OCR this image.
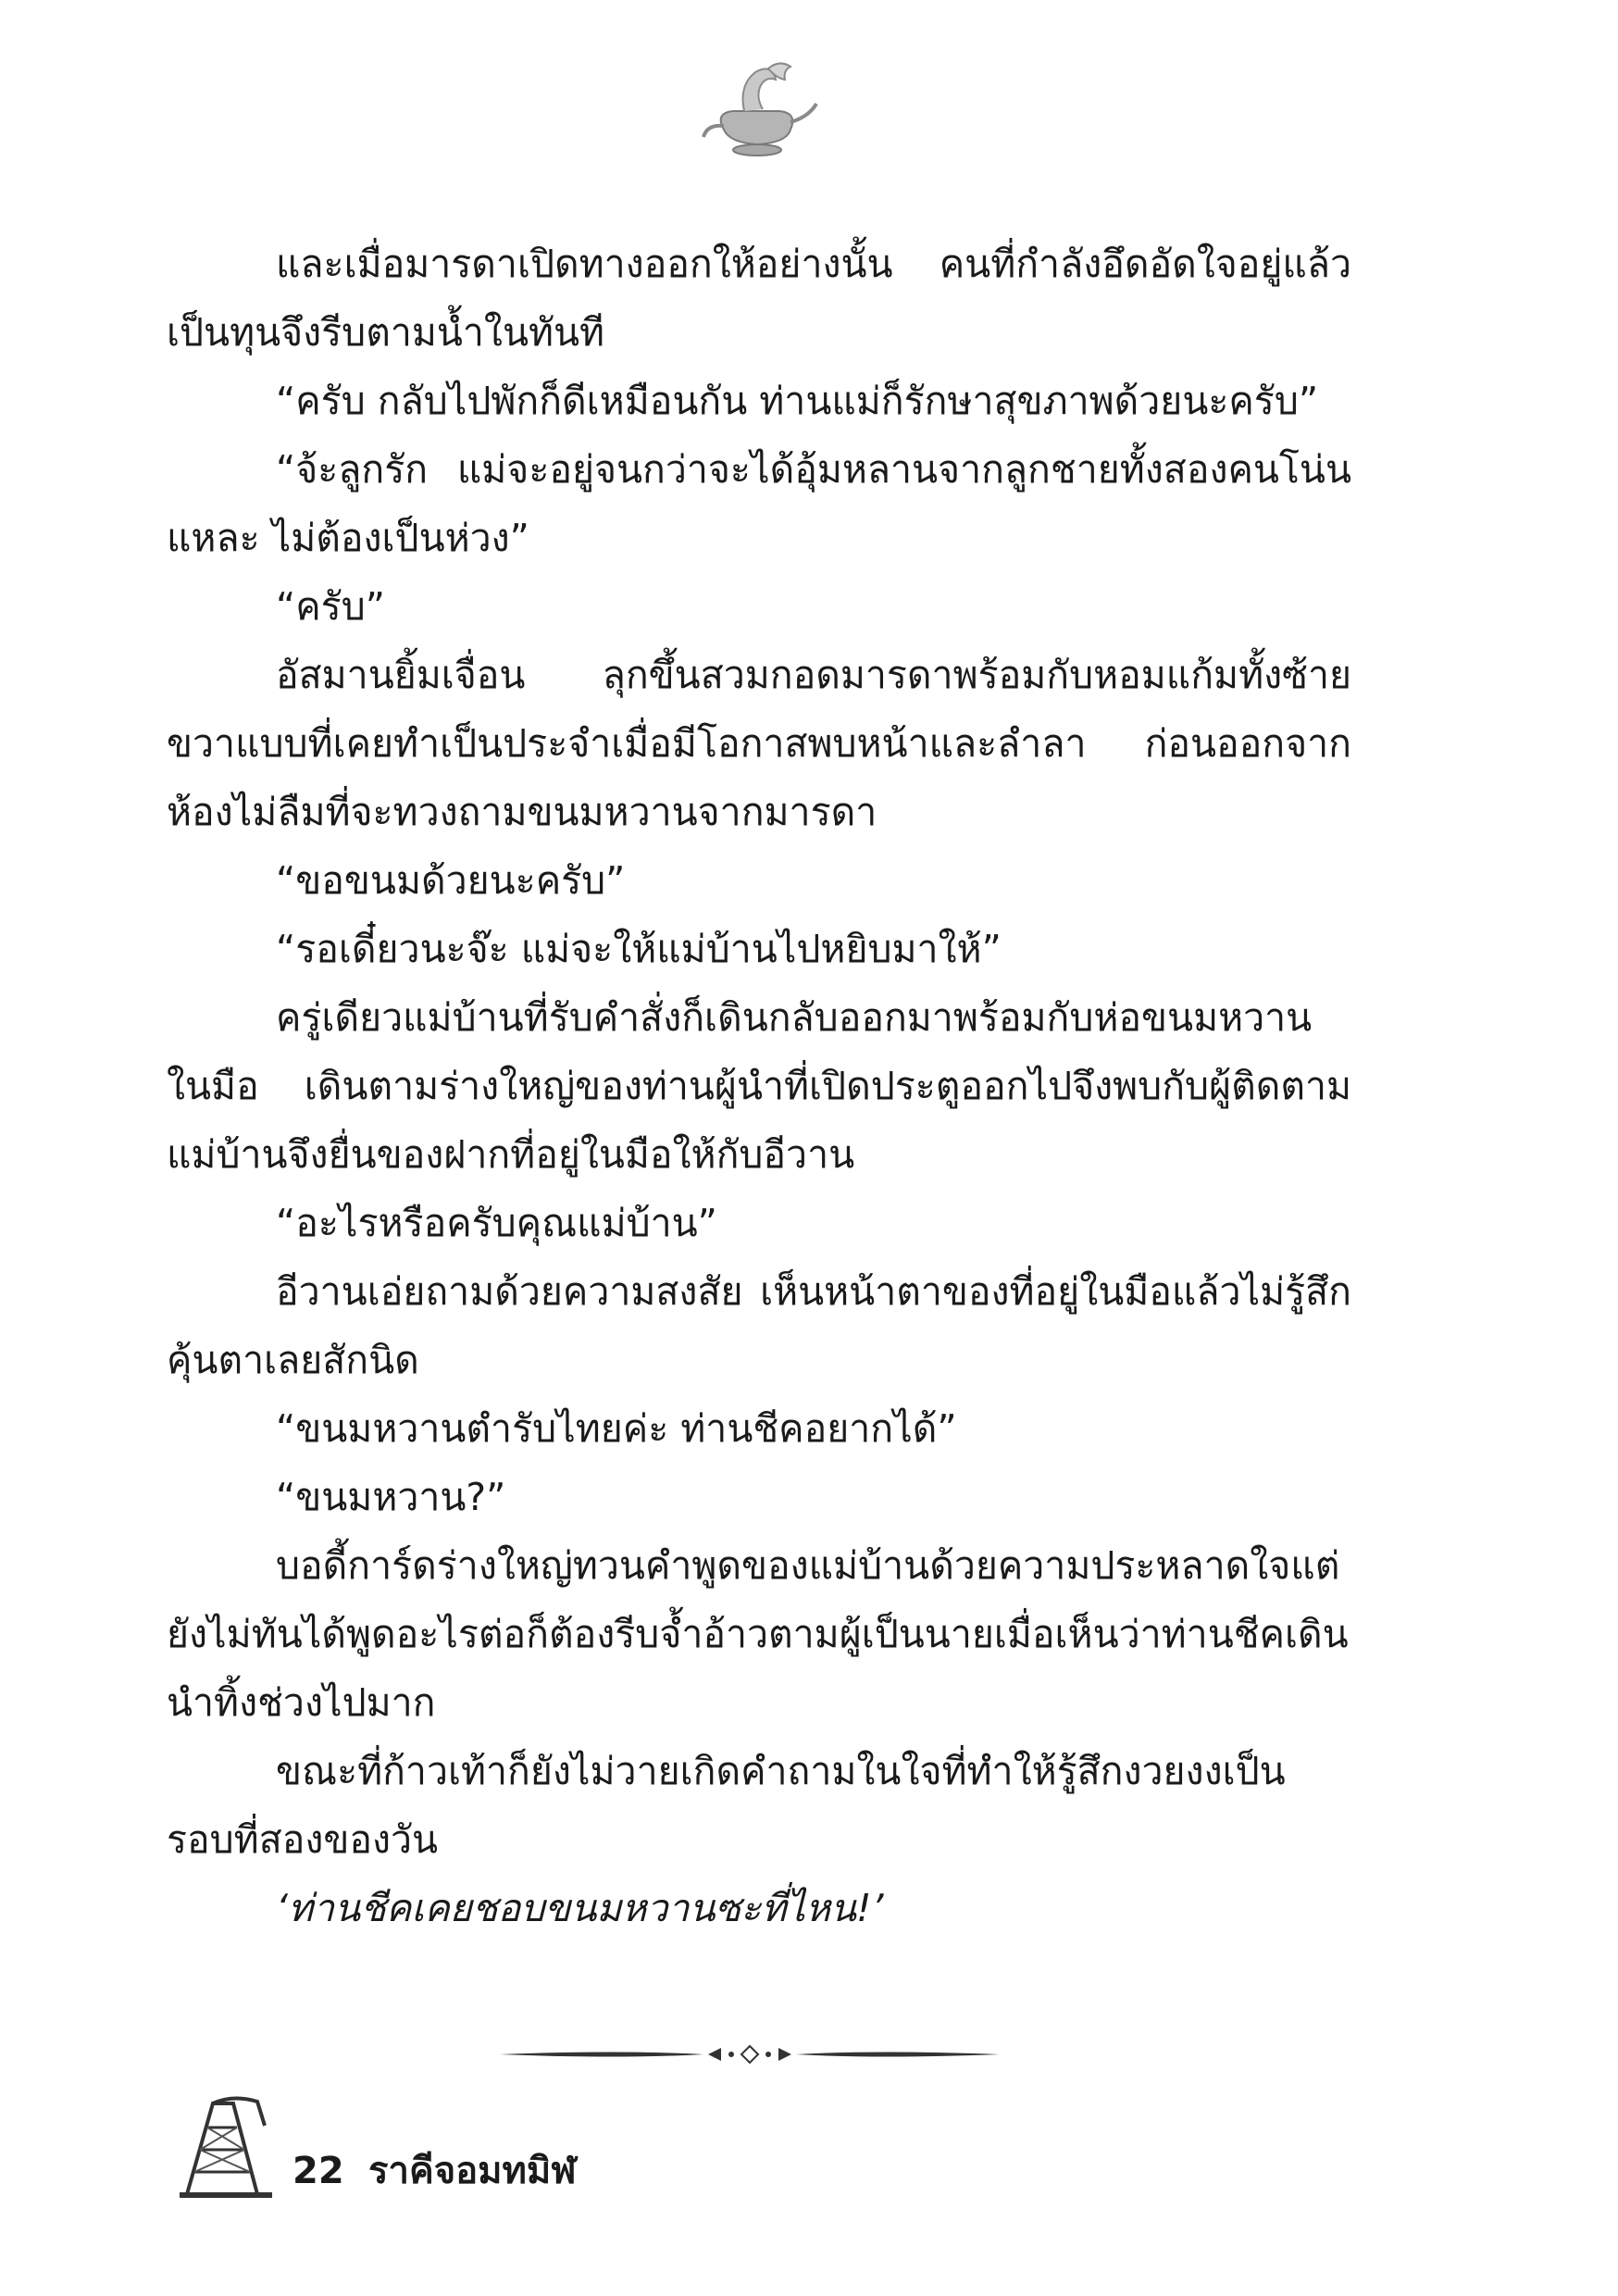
และเมื่อมารดาเปิดทางออกให้อย่างนั้น คนที่กำลังอึดอัดใจอยู่แล้วเป็นทุนจึงรีบตามน้ำในทันที

“ครับ กลับไปพักก็ดีเหมือนกัน ท่านแม่ก็รักษาสุขภาพด้วยนะครับ”

“จ้ะลูกรัก แม่จะอยู่จนกว่าจะได้อุ้มหลานจากลูกชายทั้งสองคนโน่นแหละ ไม่ต้องเป็นห่วง”

“ครับ”

อัสมานยิ้มเจื่อน ลุกขึ้นสวมกอดมารดาพร้อมกับหอมแก้มทั้งซ้ายขวาแบบที่เคยทำเป็นประจำเมื่อมีโอกาสพบหน้าและลำลา ก่อนออกจากห้องไม่ลืมที่จะทวงถามขนมหวานจากมารดา

“ขอขนมด้วยนะครับ”

“รอเดี๋ยวนะจ๊ะ แม่จะให้แม่บ้านไปหยิบมาให้”

ครู่เดียวแม่บ้านที่รับคำสั่งก็เดินกลับออกมาพร้อมกับห่อขนมหวานในมือ เดินตามร่างใหญ่ของท่านผู้นำที่เปิดประตูออกไปจึงพบกับผู้ติดตามแม่บ้านจึงยื่นของฝากที่อยู่ในมือให้กับอีวาน

“อะไรหรือครับคุณแม่บ้าน”

อีวานเอ่ยถามด้วยความสงสัย เห็นหน้าตาของที่อยู่ในมือแล้วไม่รู้สึกคุ้นตาเลยสักนิด

“ขนมหวานตำรับไทยค่ะ ท่านชีคอยากได้”

“ขนมหวาน?”

บอดี้การ์ดร่างใหญ่ทวนคำพูดของแม่บ้านด้วยความประหลาดใจแต่ยังไม่ทันได้พูดอะไรต่อก็ต้องรีบจ้ำอ้าวตามผู้เป็นนายเมื่อเห็นว่าท่านชีคเดินนำทิ้งช่วงไปมาก

ขณะที่ก้าวเท้าก็ยังไม่วายเกิดคำถามในใจที่ทำให้รู้สึกงวยงงเป็นรอบที่สองของวัน

‘ท่านชีคเคยชอบขนมหวานซะที่ไหน!’

22 ราคีจอมทมิฬ
